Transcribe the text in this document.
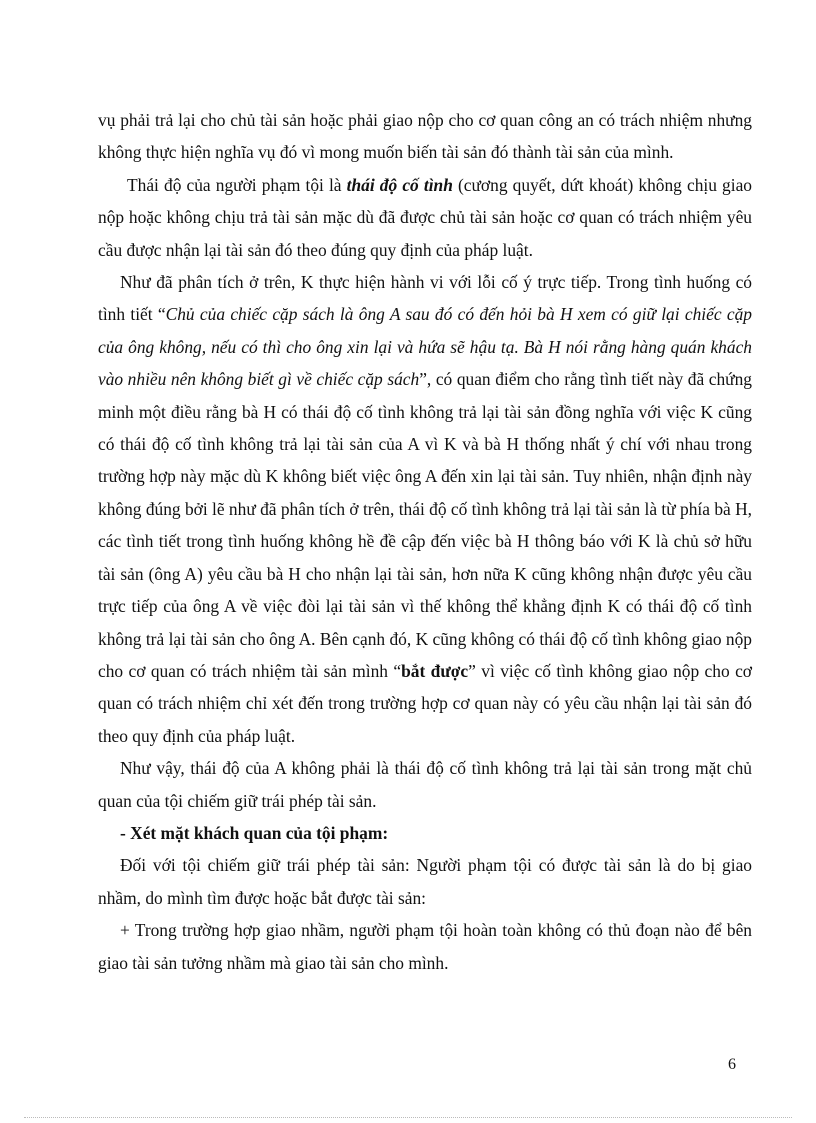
vụ phải trả lại cho chủ tài sản hoặc phải giao nộp cho cơ quan công an có trách nhiệm nhưng không thực hiện nghĩa vụ đó vì mong muốn biến tài sản đó thành tài sản của mình.

Thái độ của người phạm tội là thái độ cố tình (cương quyết, dứt khoát) không chịu giao nộp hoặc không chịu trả tài sản mặc dù đã được chủ tài sản hoặc cơ quan có trách nhiệm yêu cầu được nhận lại tài sản đó theo đúng quy định của pháp luật.

Như đã phân tích ở trên, K thực hiện hành vi với lỗi cố ý trực tiếp. Trong tình huống có tình tiết “Chủ của chiếc cặp sách là ông A sau đó có đến hỏi bà H xem có giữ lại chiếc cặp của ông không, nếu có thì cho ông xin lại và hứa sẽ hậu tạ. Bà H nói rằng hàng quán khách vào nhiều nên không biết gì về chiếc cặp sách”, có quan điểm cho rằng tình tiết này đã chứng minh một điều rằng bà H có thái độ cố tình không trả lại tài sản đồng nghĩa với việc K cũng có thái độ cố tình không trả lại tài sản của A vì K và bà H thống nhất ý chí với nhau trong trường hợp này mặc dù K không biết việc ông A đến xin lại tài sản. Tuy nhiên, nhận định này không đúng bởi lẽ như đã phân tích ở trên, thái độ cố tình không trả lại tài sản là từ phía bà H, các tình tiết trong tình huống không hề đề cập đến việc bà H thông báo với K là chủ sở hữu tài sản (ông A) yêu cầu bà H cho nhận lại tài sản, hơn nữa K cũng không nhận được yêu cầu trực tiếp của ông A về việc đòi lại tài sản vì thế không thể khẳng định K có thái độ cố tình không trả lại tài sản cho ông A. Bên cạnh đó, K cũng không có thái độ cố tình không giao nộp cho cơ quan có trách nhiệm tài sản mình “bắt được” vì việc cố tình không giao nộp cho cơ quan có trách nhiệm chỉ xét đến trong trường hợp cơ quan này có yêu cầu nhận lại tài sản đó theo quy định của pháp luật.

Như vậy, thái độ của A không phải là thái độ cố tình không trả lại tài sản trong mặt chủ quan của tội chiếm giữ trái phép tài sản.

- Xét mặt khách quan của tội phạm:

Đối với tội chiếm giữ trái phép tài sản: Người phạm tội có được tài sản là do bị giao nhầm, do mình tìm được hoặc bắt được tài sản:

+ Trong trường hợp giao nhầm, người phạm tội hoàn toàn không có thủ đoạn nào để bên giao tài sản tưởng nhầm mà giao tài sản cho mình.

6
